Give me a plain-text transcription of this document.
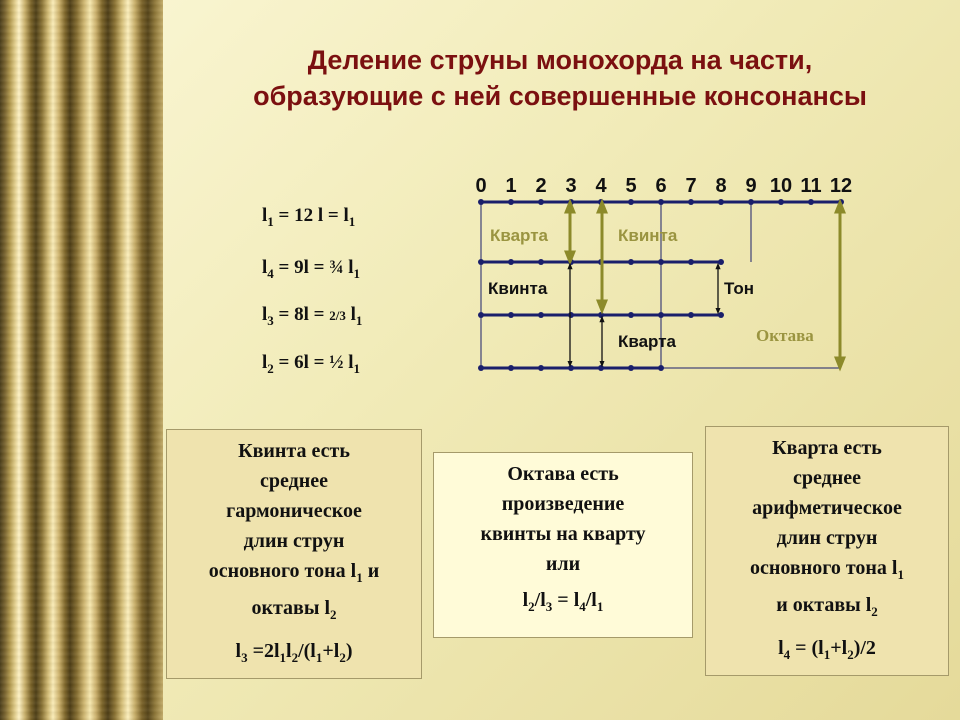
Деление струны монохорда на части,
образующие с ней совершенные консонансы
$l_1 = 12$ $l = l_1$
$l_4 = 9l$ = ¾ $l_1$
$l_3 = 8l = 2/3$ $l_1$
$l_2 = 6l$ = ½ $l_1$
0 1 2 3 4 5 6 7 8 9 10 11 12
Кварта	Квинта
Квинта	Тон
Кварта	Октава
Квинта есть
среднее
гармоническое
длин струн
основного тона $l_1$ и
октавы $l_2$
$l_3 =2l_1l_2/(l_1+l_2)$
Октава есть
произведение
квинты на кварту
или
$l_2/l_3 = l_4/l_1$
Кварта есть
среднее
арифметическое
длин струн
основного тона $l_1$
и октавы $l_2$
$l_4 = (l_1+l_2)/2$
